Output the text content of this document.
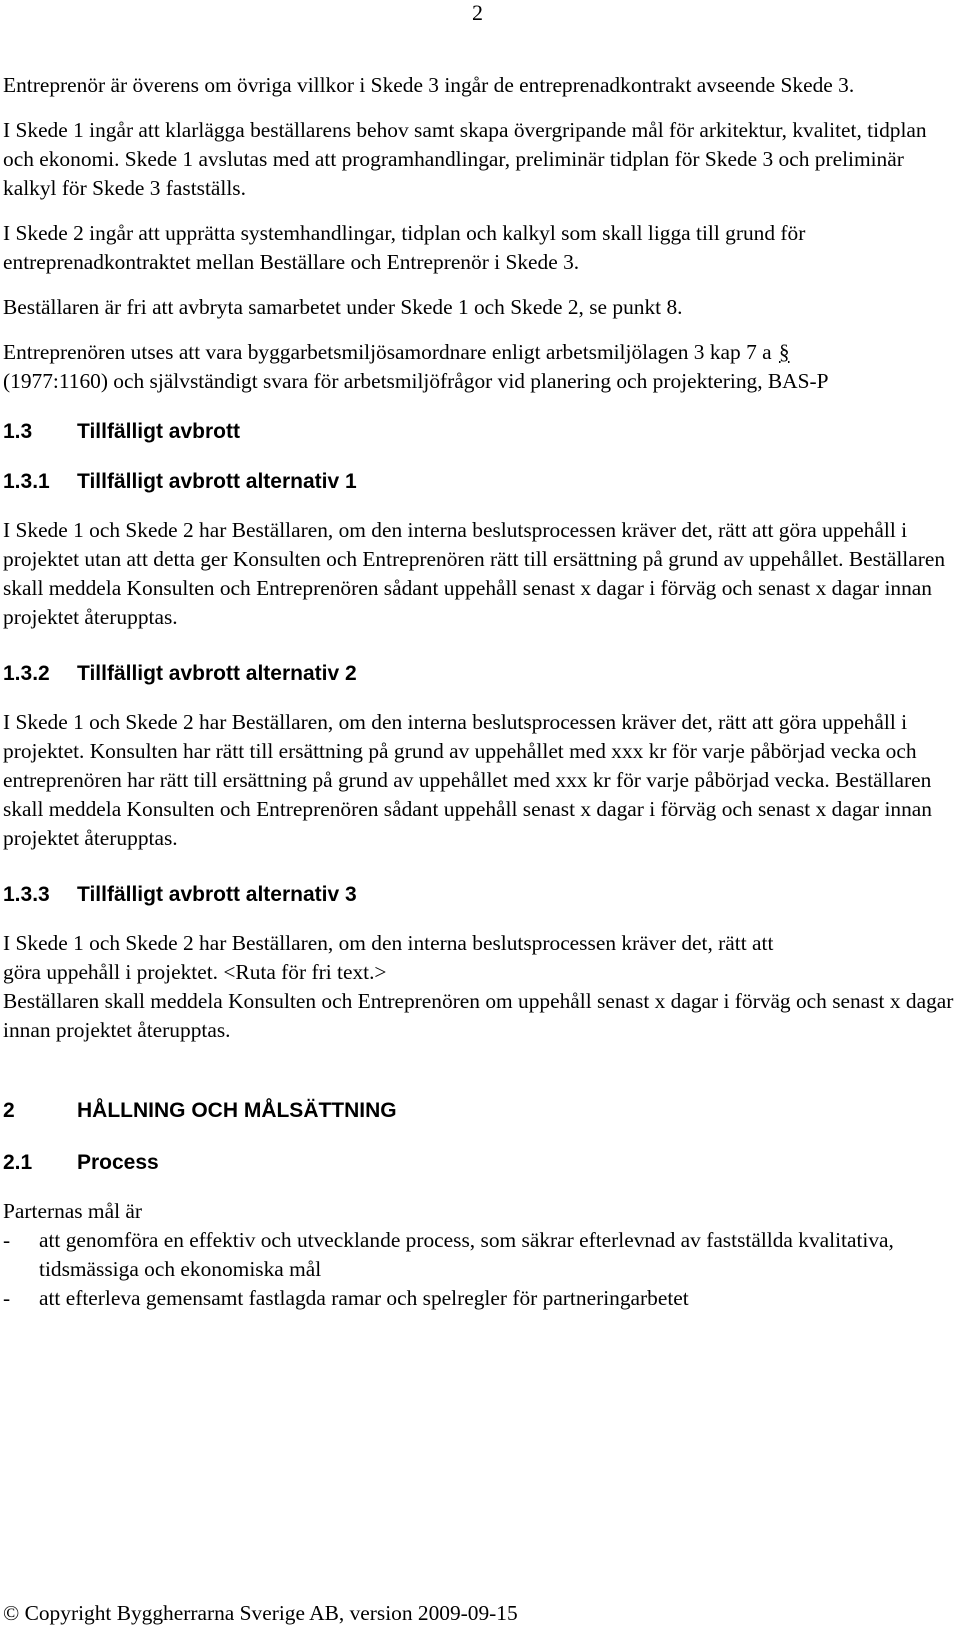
2

Entreprenör är överens om övriga villkor i Skede 3 ingår de entreprenadkontrakt avseende Skede 3.

I Skede 1 ingår att klarlägga beställarens behov samt skapa övergripande mål för arkitektur, kvalitet, tidplan och ekonomi. Skede 1 avslutas med att programhandlingar, preliminär tidplan för Skede 3 och preliminär kalkyl för Skede 3 fastställs.

I Skede 2 ingår att upprätta systemhandlingar, tidplan och kalkyl som skall ligga till grund för entreprenadkontraktet mellan Beställare och Entreprenör i Skede 3.

Beställaren är fri att avbryta samarbetet under Skede 1 och Skede 2, se punkt 8.

Entreprenören utses att vara byggarbetsmiljösamordnare enligt arbetsmiljölagen 3 kap 7 a §
(1977:1160) och självständigt svara för arbetsmiljöfrågor vid planering och projektering, BAS-P

1.3	Tillfälligt avbrott
1.3.1	Tillfälligt avbrott alternativ 1

I Skede 1 och Skede 2 har Beställaren, om den interna beslutsprocessen kräver det, rätt att göra uppehåll i projektet utan att detta ger Konsulten och Entreprenören rätt till ersättning på grund av uppehållet. Beställaren skall meddela Konsulten och Entreprenören sådant uppehåll senast x dagar i förväg och senast x dagar innan projektet återupptas.

1.3.2	Tillfälligt avbrott alternativ 2

I Skede 1 och Skede 2 har Beställaren, om den interna beslutsprocessen kräver det, rätt att göra uppehåll i projektet. Konsulten har rätt till ersättning på grund av uppehållet med xxx kr för varje påbörjad vecka och entreprenören har rätt till ersättning på grund av uppehållet med xxx kr för varje påbörjad vecka. Beställaren skall meddela Konsulten och Entreprenören sådant uppehåll senast x dagar i förväg och senast x dagar innan projektet återupptas.

1.3.3	Tillfälligt avbrott alternativ 3

I Skede 1 och Skede 2 har Beställaren, om den interna beslutsprocessen kräver det, rätt att
göra uppehåll i projektet. <Ruta för fri text.>
Beställaren skall meddela Konsulten och Entreprenören om uppehåll senast x dagar i förväg och senast x dagar innan projektet återupptas.

2	HÅLLNING OCH MÅLSÄTTNING
2.1	Process

Parternas mål är

-	att genomföra en effektiv och utvecklande process, som säkrar efterlevnad av fastställda kvalitativa, tidsmässiga och ekonomiska mål
-	att efterleva gemensamt fastlagda ramar och spelregler för partneringarbetet
© Copyright Byggherrarna Sverige AB, version 2009-09-15
